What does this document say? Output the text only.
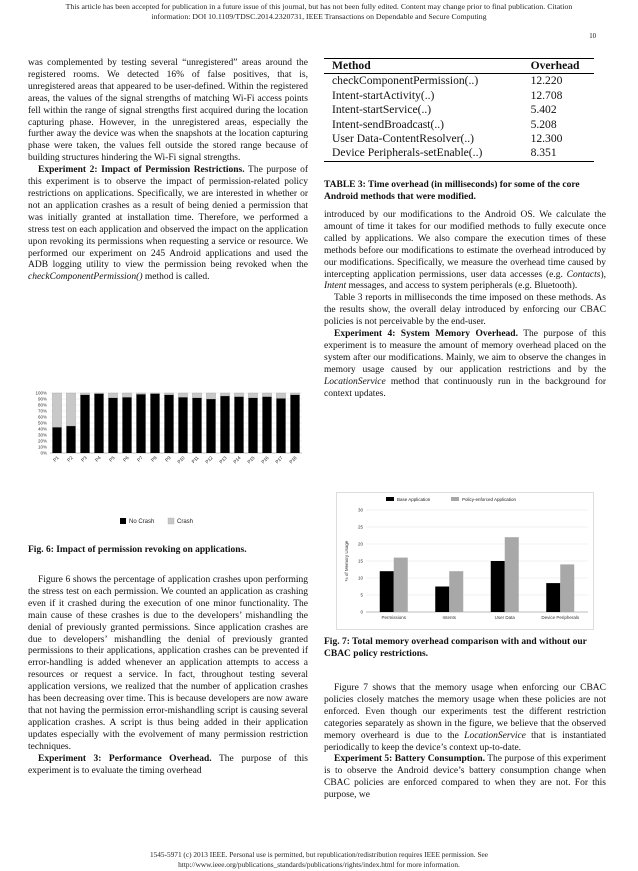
This article has been accepted for publication in a future issue of this journal, but has not been fully edited. Content may change prior to final publication. Citation
information: DOI 10.1109/TDSC.2014.2320731, IEEE Transactions on Dependable and Secure Computing
10

was complemented by testing several “unregistered” areas around the registered rooms. We detected 16% of false positives, that is, unregistered areas that appeared to be user-defined. Within the registered areas, the values of the signal strengths of matching Wi-Fi access points fell within the range of signal strengths first acquired during the location capturing phase. However, in the unregistered areas, especially the further away the device was when the snapshots at the location capturing phase were taken, the values fell outside the stored range because of building structures hindering the Wi-Fi signal strengths.

Experiment 2: Impact of Permission Restrictions. The purpose of this experiment is to observe the impact of permission-related policy restrictions on applications. Specifically, we are interested in whether or not an application crashes as a result of being denied a permission that was initially granted at installation time. Therefore, we performed a stress test on each application and observed the impact on the application upon revoking its permissions when requesting a service or resource. We performed our experiment on 245 Android applications and used the ADB logging utility to view the permission being revoked when the checkComponentPermission() method is called.

0%
10%
20%
30%
40%
50%
60%
70%
80%
90%
100%
P1 P2 P3 P4 P5 P6 P7 P8 P9 P10 P11 P12 P13 P14 P15 P16 P17 P18
No Crash	Crash
Fig. 6: Impact of permission revoking on applications.

Figure 6 shows the percentage of application crashes upon performing the stress test on each permission. We counted an application as crashing even if it crashed during the execution of one minor functionality. The main cause of these crashes is due to the developers’ mishandling the denial of previously granted permissions. Since application crashes are due to developers’ mishandling the denial of previously granted permissions to their applications, application crashes can be prevented if error-handling is added whenever an application attempts to access a resources or request a service. In fact, throughout testing several application versions, we realized that the number of application crashes has been decreasing over time. This is because developers are now aware that not having the permission error-mishandling script is causing several application crashes. A script is thus being added in their application updates especially with the evolvement of many permission restriction techniques.

Experiment 3: Performance Overhead. The purpose of this experiment is to evaluate the timing overhead

Method	Overhead
checkComponentPermission(..)	12.220
Intent-startActivity(..)	12.708
Intent-startService(..)	5.402
Intent-sendBroadcast(..)	5.208
User Data-ContentResolver(..)	12.300
Device Peripherals-setEnable(..)	8.351
TABLE 3: Time overhead (in milliseconds) for some of the core Android methods that were modified.

introduced by our modifications to the Android OS. We calculate the amount of time it takes for our modified methods to fully execute once called by applications. We also compare the execution times of these methods before our modifications to estimate the overhead introduced by our modifications. Specifically, we measure the overhead time caused by intercepting application permissions, user data accesses (e.g. Contacts), Intent messages, and access to system peripherals (e.g. Bluetooth).

Table 3 reports in milliseconds the time imposed on these methods. As the results show, the overall delay introduced by enforcing our CBAC policies is not perceivable by the end-user.

Experiment 4: System Memory Overhead. The purpose of this experiment is to measure the amount of memory overhead placed on the system after our modifications. Mainly, we aim to observe the changes in memory usage caused by our application restrictions and by the LocationService method that continuously run in the background for context updates.

0
5
10
15
20
25
30
% of Memory Usage
Permissions	Intents	User Data	Device Peripherals
Base Application	Policy-enforced Application
Fig. 7: Total memory overhead comparison with and without our CBAC policy restrictions.

Figure 7 shows that the memory usage when enforcing our CBAC policies closely matches the memory usage when these policies are not enforced. Even though our experiments test the different restriction categories separately as shown in the figure, we believe that the observed memory overheard is due to the LocationService that is instantiated periodically to keep the device’s context up-to-date.

Experiment 5: Battery Consumption. The purpose of this experiment is to observe the Android device’s battery consumption change when CBAC policies are enforced compared to when they are not. For this purpose, we

1545-5971 (c) 2013 IEEE. Personal use is permitted, but republication/redistribution requires IEEE permission. See
http://www.ieee.org/publications_standards/publications/rights/index.html for more information.
